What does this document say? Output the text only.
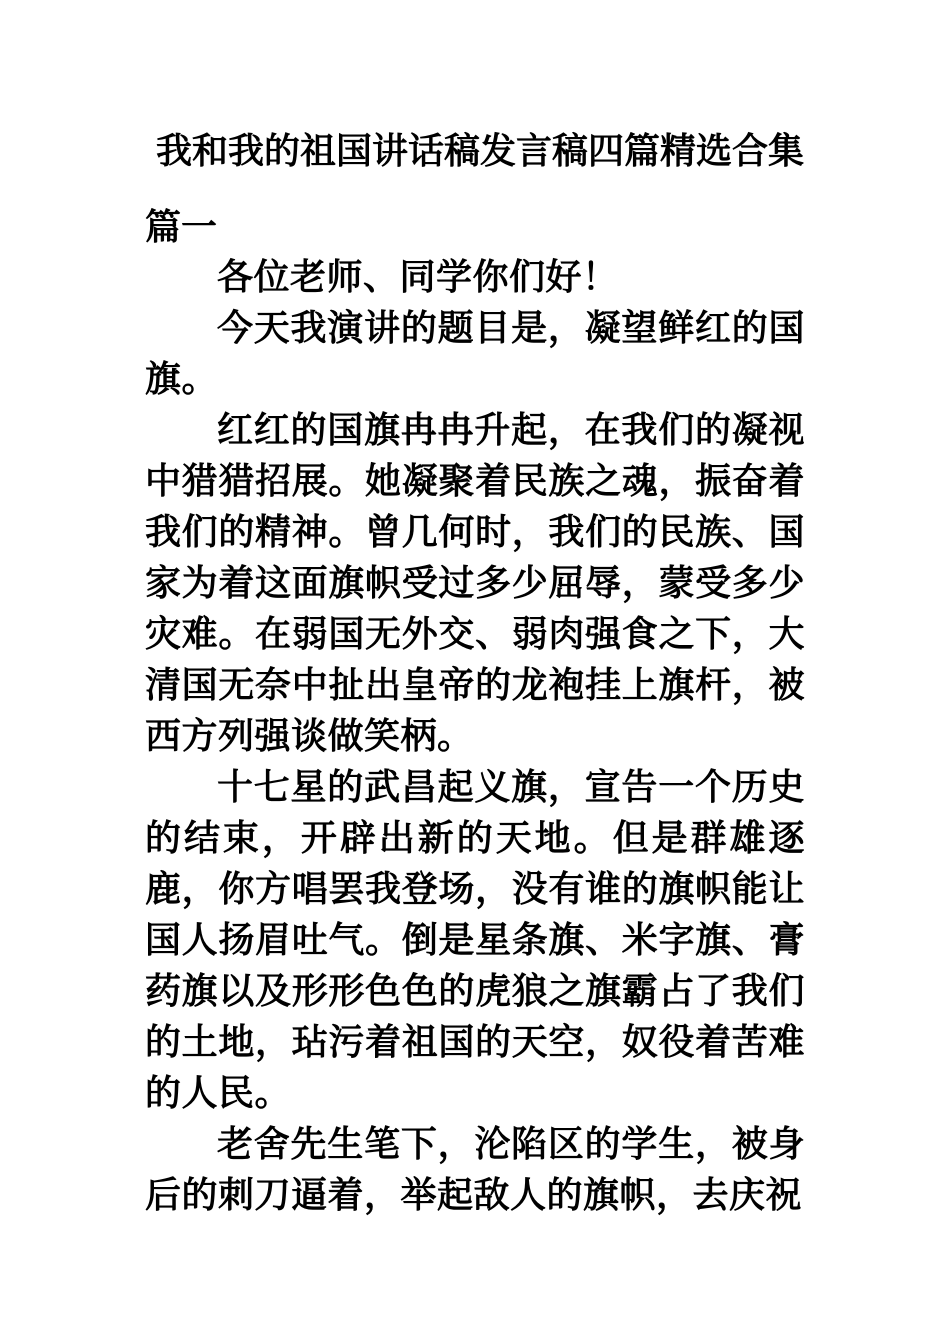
我和我的祖国讲话稿发言稿四篇精选合集
篇一

各位老师、同学你们好！

今天我演讲的题目是，凝望鲜红的国旗。

红红的国旗冉冉升起，在我们的凝视中猎猎招展。她凝聚着民族之魂，振奋着我们的精神。曾几何时，我们的民族、国家为着这面旗帜受过多少屈辱，蒙受多少灾难。在弱国无外交、弱肉强食之下，大清国无奈中扯出皇帝的龙袍挂上旗杆，被西方列强谈做笑柄。

十七星的武昌起义旗，宣告一个历史的结束，开辟出新的天地。但是群雄逐鹿，你方唱罢我登场，没有谁的旗帜能让国人扬眉吐气。倒是星条旗、米字旗、膏药旗以及形形色色的虎狼之旗霸占了我们的土地，玷污着祖国的天空，奴役着苦难的人民。

老舍先生笔下，沦陷区的学生，被身后的刺刀逼着，举起敌人的旗帜，去庆祝
